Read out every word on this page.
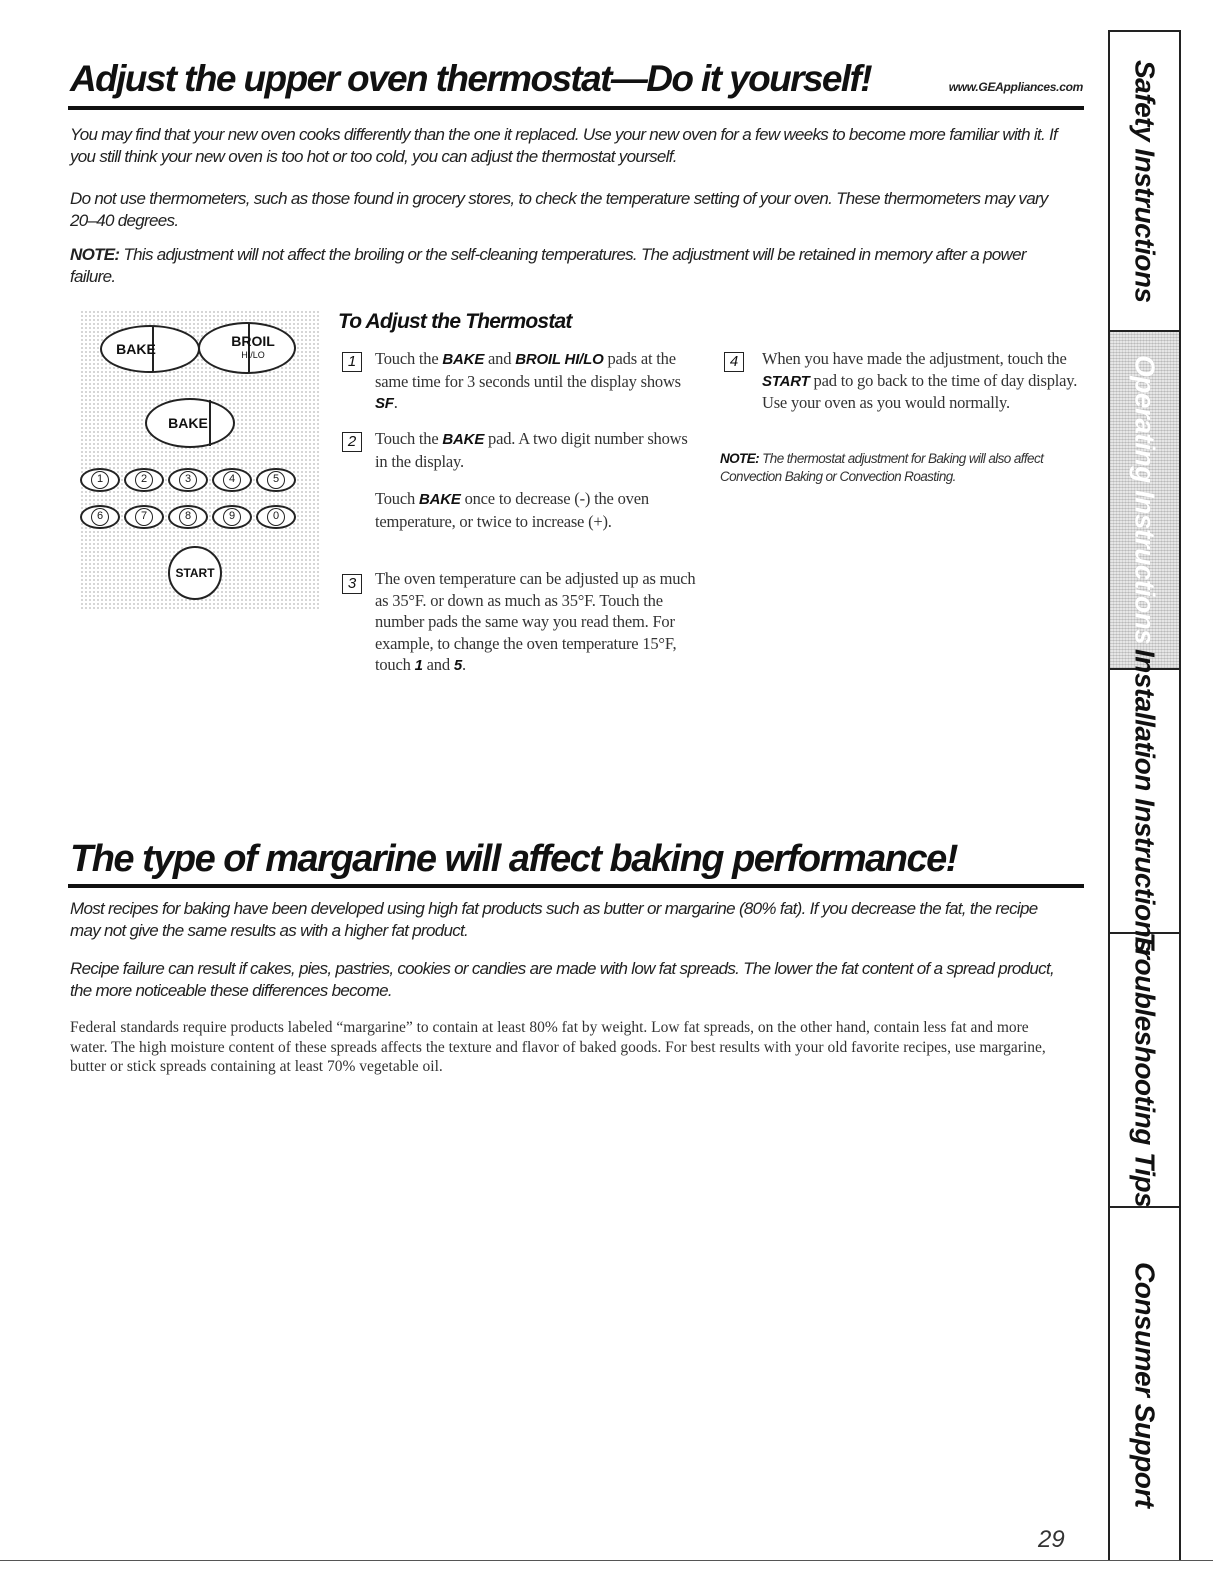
Adjust the upper oven thermostat—Do it yourself!	www.GEAppliances.com
You may find that your new oven cooks differently than the one it replaced. Use your new oven for a few weeks to become more familiar with it. If you still think your new oven is too hot or too cold, you can adjust the thermostat yourself.
Do not use thermometers, such as those found in grocery stores, to check the temperature setting of your oven. These thermometers may vary 20–40 degrees.
NOTE: This adjustment will not affect the broiling or the self-cleaning temperatures. The adjustment will be retained in memory after a power failure.
BAKE	BROIL
HI/LO
BAKE
1	2	3	4	5
6	7	8	9	0
START
To Adjust the Thermostat
1	Touch the BAKE and BROIL HI/LO pads at the same time for 3 seconds until the display shows SF.
2	Touch the BAKE pad. A two digit number shows in the display.
Touch BAKE once to decrease (-) the oven temperature, or twice to increase (+).
3	The oven temperature can be adjusted up as much as 35°F. or down as much as 35°F. Touch the number pads the same way you read them. For example, to change the oven temperature 15°F, touch 1 and 5.
4	When you have made the adjustment, touch the START pad to go back to the time of day display. Use your oven as you would normally.
NOTE: The thermostat adjustment for Baking will also affect Convection Baking or Convection Roasting.
The type of margarine will affect baking performance!
Most recipes for baking have been developed using high fat products such as butter or margarine (80% fat). If you decrease the fat, the recipe may not give the same results as with a higher fat product.
Recipe failure can result if cakes, pies, pastries, cookies or candies are made with low fat spreads. The lower the fat content of a spread product, the more noticeable these differences become.
Federal standards require products labeled “margarine” to contain at least 80% fat by weight. Low fat spreads, on the other hand, contain less fat and more water. The high moisture content of these spreads affects the texture and flavor of baked goods. For best results with your old favorite recipes, use margarine, butter or stick spreads containing at least 70% vegetable oil.
Safety Instructions
Operating Instructions
Installation Instructions
Troubleshooting Tips
Consumer Support
29
